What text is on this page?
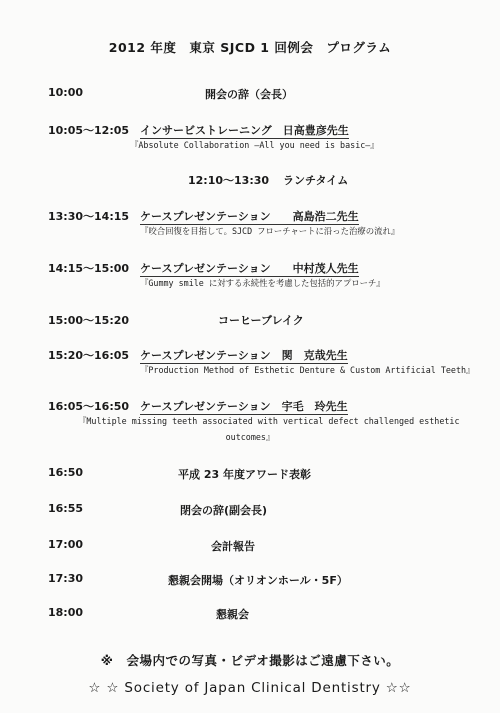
2012 年度　東京 SJCD 1 回例会　プログラム
10:00	開会の辞（会長）
10:05～12:05 インサービストレーニング　日高豊彦先生
『Absolute Collaboration ―All you need is basic―』
12:10～13:30 ランチタイム
13:30～14:15 ケースプレゼンテーション　　高島浩二先生
『咬合回復を目指して。SJCD フローチャートに沿った治療の流れ』
14:15～15:00 ケースプレゼンテーション　　中村茂人先生
『Gummy smile に対する永続性を考慮した包括的アプローチ』
15:00～15:20	コーヒーブレイク
15:20～16:05 ケースプレゼンテーション　関　克哉先生
『Production Method of Esthetic Denture & Custom Artificial Teeth』
16:05～16:50 ケースプレゼンテーション　宇毛　玲先生
『Multiple missing teeth associated with vertical defect challenged esthetic
outcomes』
16:50	平成 23 年度アワード表彰
16:55	閉会の辞(副会長)
17:00	会計報告
17:30	懇親会開場（オリオンホール・5F）
18:00	懇親会
※　会場内での写真・ビデオ撮影はご遠慮下さい。
☆ ☆ Society of Japan Clinical Dentistry ☆☆
